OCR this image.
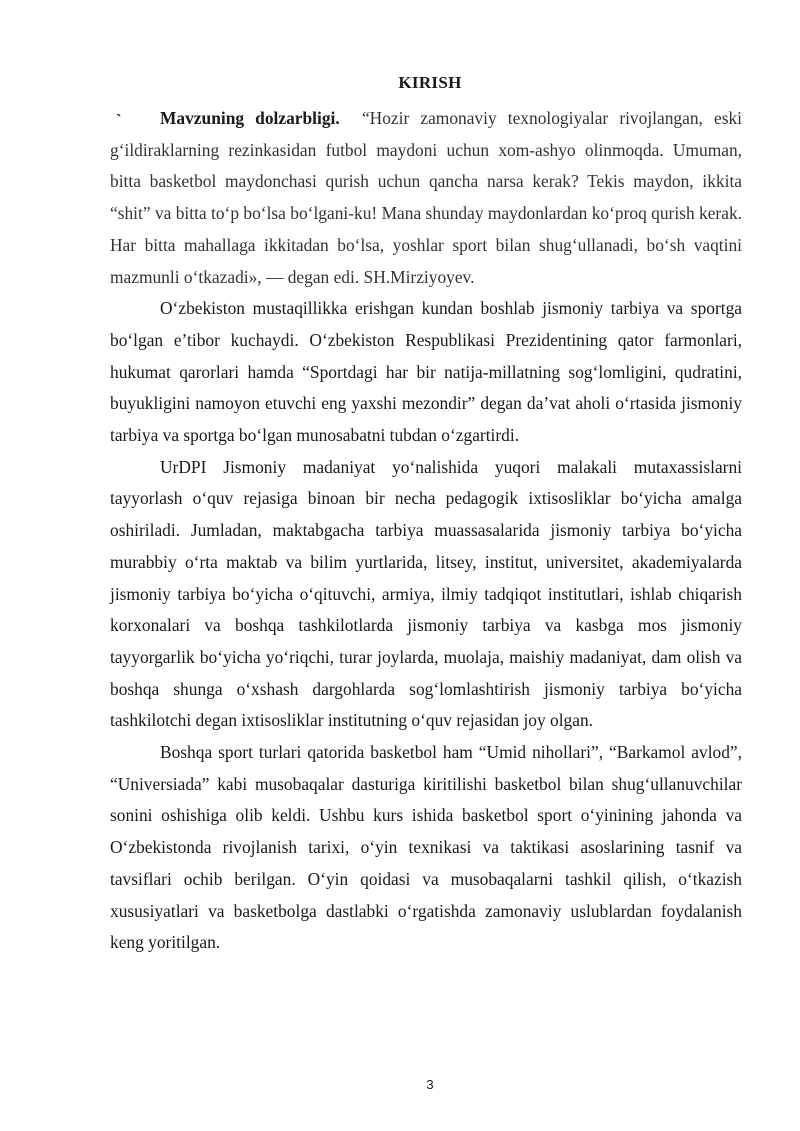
KIRISH
`	Mavzuning dolzarbligi. “Hozir zamonaviy texnologiyalar rivojlangan, eski g‘ildiraklarning rezinkasidan futbol maydoni uchun xom-ashyo olinmoqda. Umuman, bitta basketbol maydonchasi qurish uchun qancha narsa kerak? Tekis maydon, ikkita “shit” va bitta to‘p bo‘lsa bo‘lgani-ku! Mana shunday maydonlardan ko‘proq qurish kerak. Har bitta mahallaga ikkitadan bo‘lsa, yoshlar sport bilan shug‘ullanadi, bo‘sh vaqtini mazmunli o‘tkazadi», — degan edi. SH.Mirziyoyev.

O‘zbekiston mustaqillikka erishgan kundan boshlab jismoniy tarbiya va sportga bo‘lgan e’tibor kuchaydi. O‘zbekiston Respublikasi Prezidentining qator farmonlari, hukumat qarorlari hamda “Sportdagi har bir natija-millatning sog‘lomligini, qudratini, buyukligini namoyon etuvchi eng yaxshi mezondir” degan da’vat aholi o‘rtasida jismoniy tarbiya va sportga bo‘lgan munosabatni tubdan o‘zgartirdi.

UrDPI Jismoniy madaniyat yo‘nalishida yuqori malakali mutaxassislarni tayyorlash o‘quv rejasiga binoan bir necha pedagogik ixtisosliklar bo‘yicha amalga oshiriladi. Jumladan, maktabgacha tarbiya muassasalarida jismoniy tarbiya bo‘yicha murabbiy o‘rta maktab va bilim yurtlarida, litsey, institut, universitet, akademiyalarda jismoniy tarbiya bo‘yicha o‘qituvchi, armiya, ilmiy tadqiqot institutlari, ishlab chiqarish korxonalari va boshqa tashkilotlarda jismoniy tarbiya va kasbga mos jismoniy tayyorgarlik bo‘yicha yo‘riqchi, turar joylarda, muolaja, maishiy madaniyat, dam olish va boshqa shunga o‘xshash dargohlarda sog‘lomlashtirish jismoniy tarbiya bo‘yicha tashkilotchi degan ixtisosliklar institutning o‘quv rejasidan joy olgan.

Boshqa sport turlari qatorida basketbol ham “Umid nihollari”, “Barkamol avlod”, “Universiada” kabi musobaqalar dasturiga kiritilishi basketbol bilan shug‘ullanuvchilar sonini oshishiga olib keldi. Ushbu kurs ishida basketbol sport o‘yinining jahonda va O‘zbekistonda rivojlanish tarixi, o‘yin texnikasi va taktikasi asoslarining tasnif va tavsiflari ochib berilgan. O‘yin qoidasi va musobaqalarni tashkil qilish, o‘tkazish xususiyatlari va basketbolga dastlabki o‘rgatishda zamonaviy uslublardan foydalanish keng yoritilgan.

3
